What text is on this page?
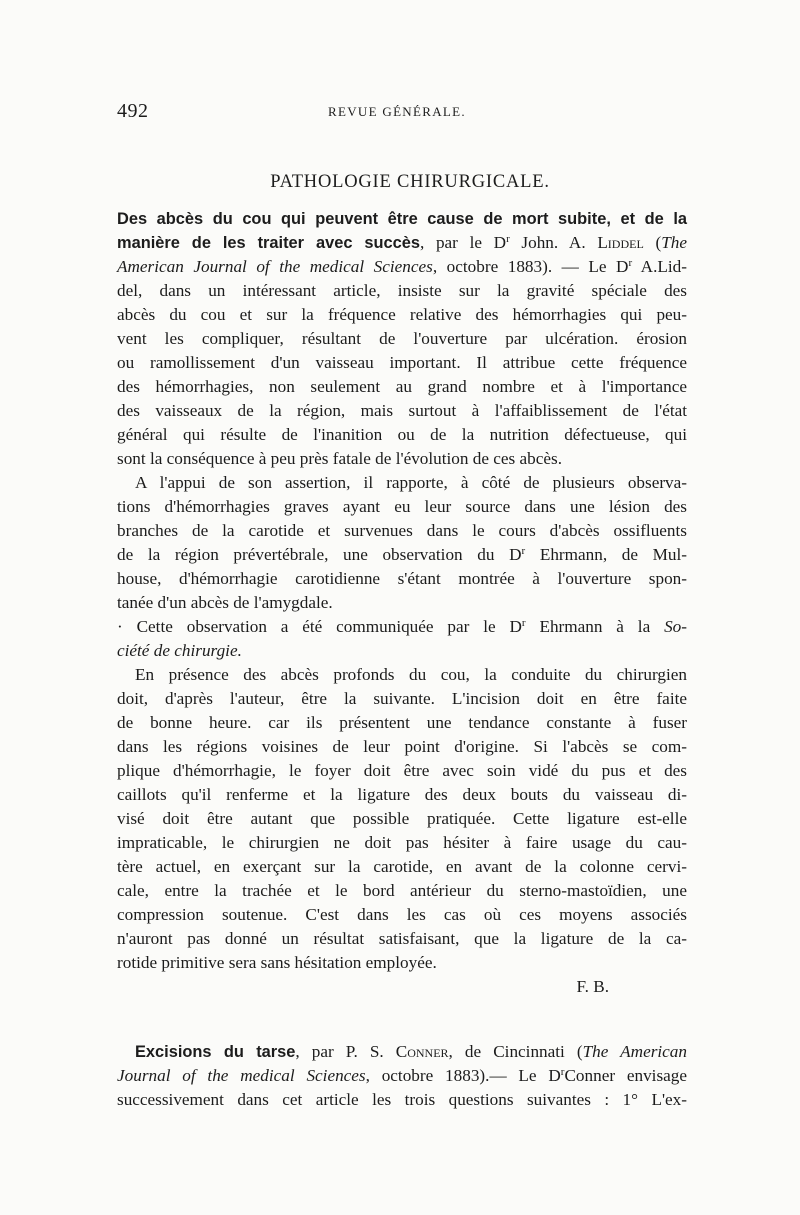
492	REVUE GÉNÉRALE.
PATHOLOGIE CHIRURGICALE.
Des abcès du cou qui peuvent être cause de mort subite, et de la
manière de les traiter avec succès, par le $D^r$ John. A. Liddel (The
American Journal of the medical Sciences, octobre 1883). — Le $D^r$ A.Lid-
del, dans un intéressant article, insiste sur la gravité spéciale des
abcès du cou et sur la fréquence relative des hémorrhagies qui peu-
vent les compliquer, résultant de l'ouverture par ulcération. érosion
ou ramollissement d'un vaisseau important. Il attribue cette fréquence
des hémorrhagies, non seulement au grand nombre et à l'importance
des vaisseaux de la région, mais surtout à l'affaiblissement de l'état
général qui résulte de l'inanition ou de la nutrition défectueuse, qui
sont la conséquence à peu près fatale de l'évolution de ces abcès.
A l'appui de son assertion, il rapporte, à côté de plusieurs observa-
tions d'hémorrhagies graves ayant eu leur source dans une lésion des
branches de la carotide et survenues dans le cours d'abcès ossifluents
de la région prévertébrale, une observation du $D^r$ Ehrmann, de Mul-
house, d'hémorrhagie carotidienne s'étant montrée à l'ouverture spon-
tanée d'un abcès de l'amygdale.
· Cette observation a été communiquée par le $D^r$ Ehrmann à la So-
ciété de chirurgie.
En présence des abcès profonds du cou, la conduite du chirurgien
doit, d'après l'auteur, être la suivante. L'incision doit en être faite
de bonne heure. car ils présentent une tendance constante à fuser
dans les régions voisines de leur point d'origine. Si l'abcès se com-
plique d'hémorrhagie, le foyer doit être avec soin vidé du pus et des
caillots qu'il renferme et la ligature des deux bouts du vaisseau di-
visé doit être autant que possible pratiquée. Cette ligature est-elle
impraticable, le chirurgien ne doit pas hésiter à faire usage du cau-
tère actuel, en exerçant sur la carotide, en avant de la colonne cervi-
cale, entre la trachée et le bord antérieur du sterno-mastoïdien, une
compression soutenue. C'est dans les cas où ces moyens associés
n'auront pas donné un résultat satisfaisant, que la ligature de la ca-
rotide primitive sera sans hésitation employée.
F. B.
Excisions du tarse, par P. S. Conner, de Cincinnati (The American
Journal of the medical Sciences, octobre 1883).— Le $D^rConner$ envisage
successivement dans cet article les trois questions suivantes : 1° L'ex-
